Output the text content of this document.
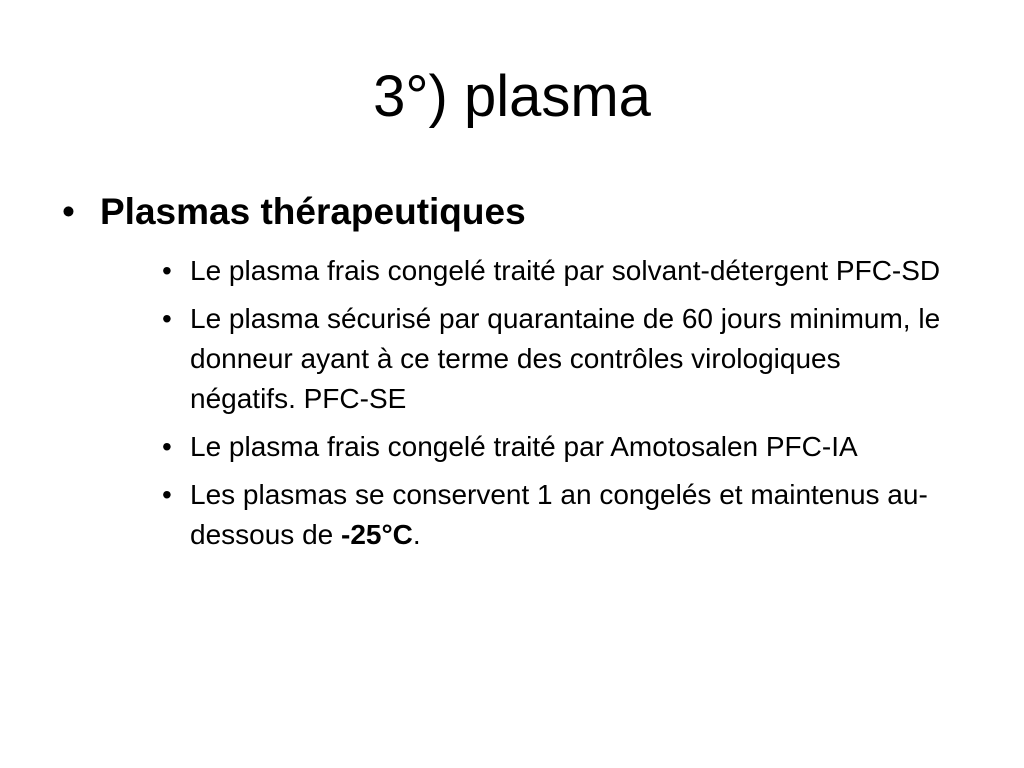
3°) plasma
• Plasmas thérapeutiques
• Le plasma frais congelé traité par solvant-détergent PFC-SD
• Le plasma sécurisé par quarantaine de 60 jours minimum, le donneur ayant à ce terme des contrôles virologiques négatifs. PFC-SE
• Le plasma frais congelé traité par Amotosalen PFC-IA
• Les plasmas se conservent 1 an congelés et maintenus au-dessous de -25°C.
